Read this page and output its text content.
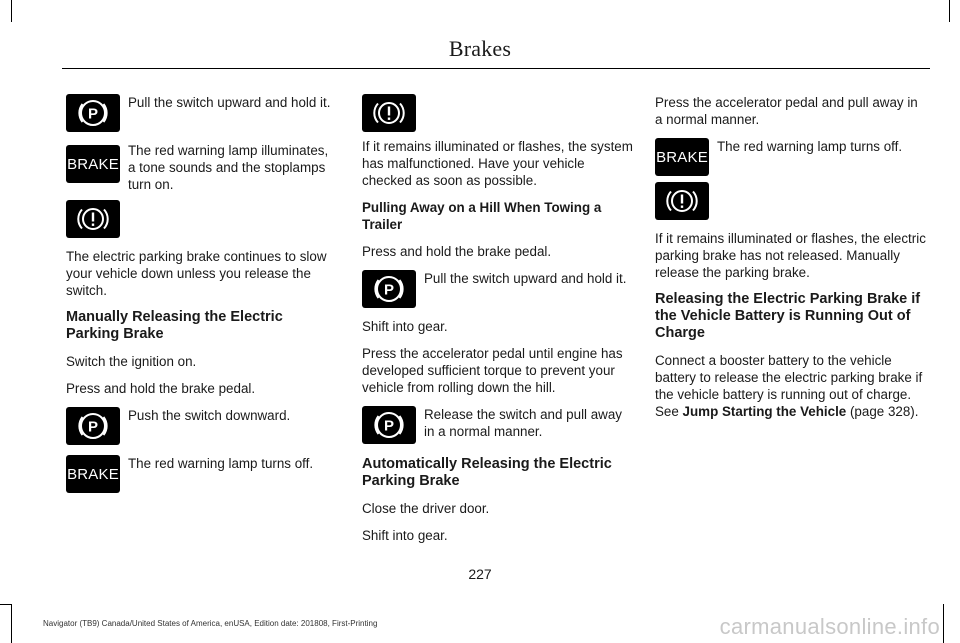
Brakes
P
Pull the switch upward and hold it.
BRAKE
The red warning lamp illuminates, a tone sounds and the stoplamps turn on.

The electric parking brake continues to slow your vehicle down unless you release the switch.

Manually Releasing the Electric Parking Brake

Switch the ignition on.

Press and hold the brake pedal.

P
Push the switch downward.
BRAKE
The red warning lamp turns off.

If it remains illuminated or flashes, the system has malfunctioned. Have your vehicle checked as soon as possible.

Pulling Away on a Hill When Towing a Trailer

Press and hold the brake pedal.

P
Pull the switch upward and hold it.

Shift into gear.

Press the accelerator pedal until engine has developed sufficient torque to prevent your vehicle from rolling down the hill.

P
Release the switch and pull away in a normal manner.
Automatically Releasing the Electric Parking Brake

Close the driver door.

Shift into gear.

Press the accelerator pedal and pull away in a normal manner.

BRAKE
The red warning lamp turns off.

If it remains illuminated or flashes, the electric parking brake has not released. Manually release the parking brake.

Releasing the Electric Parking Brake if the Vehicle Battery is Running Out of Charge

Connect a booster battery to the vehicle battery to release the electric parking brake if the vehicle battery is running out of charge. See Jump Starting the Vehicle (page 328).

227
Navigator (TB9) Canada/United States of America, enUSA, Edition date: 201808, First-Printing	carmanualsonline.info
